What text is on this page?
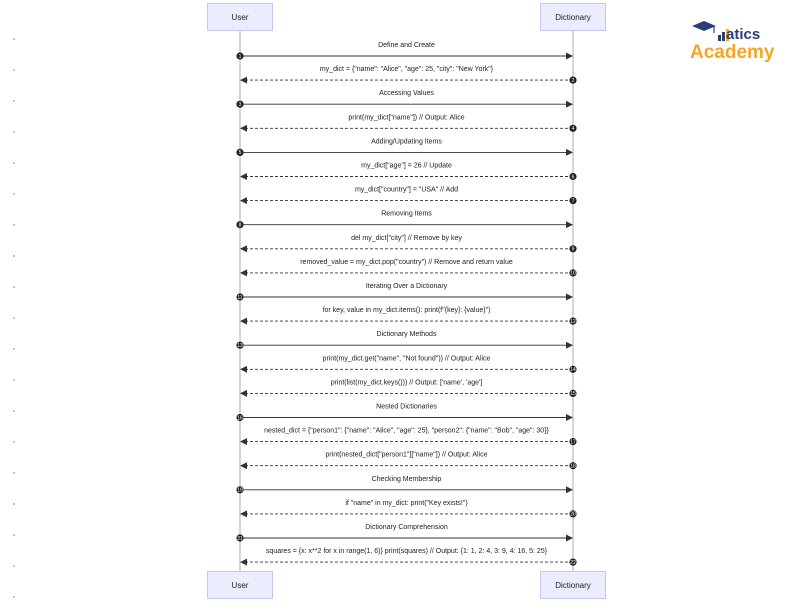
User	Dictionary
User	Dictionary
Define and Create
1
my_dict = {"name": "Alice", "age": 25, "city": "New York"}
2
Accessing Values
3
print(my_dict["name"]) // Output: Alice
4
Adding/Updating Items
5
my_dict["age"] = 26 // Update
6
my_dict["country"] = "USA" // Add
7
Removing Items
8
del my_dict["city"] // Remove by key
9
removed_value = my_dict.pop("country") // Remove and return value
10
Iterating Over a Dictionary
11
for key, value in my_dict.items(): print(f"{key}: {value}")
12
Dictionary Methods
13
print(my_dict.get("name", "Not found")) // Output: Alice
14
print(list(my_dict.keys())) // Output: ['name', 'age']
15
Nested Dictionaries
16
nested_dict = {"person1": {"name": "Alice", "age": 25}, "person2": {"name": "Bob", "age": 30}}
17
print(nested_dict["person1"]["name"]) // Output: Alice
18
Checking Membership
19
if "name" in my_dict: print("Key exists!")
20
Dictionary Comprehension
21
squares = {x: x**2 for x in range(1, 6)} print(squares) // Output: {1: 1, 2: 4, 3: 9, 4: 16, 5: 25}
22
atics
Academy
